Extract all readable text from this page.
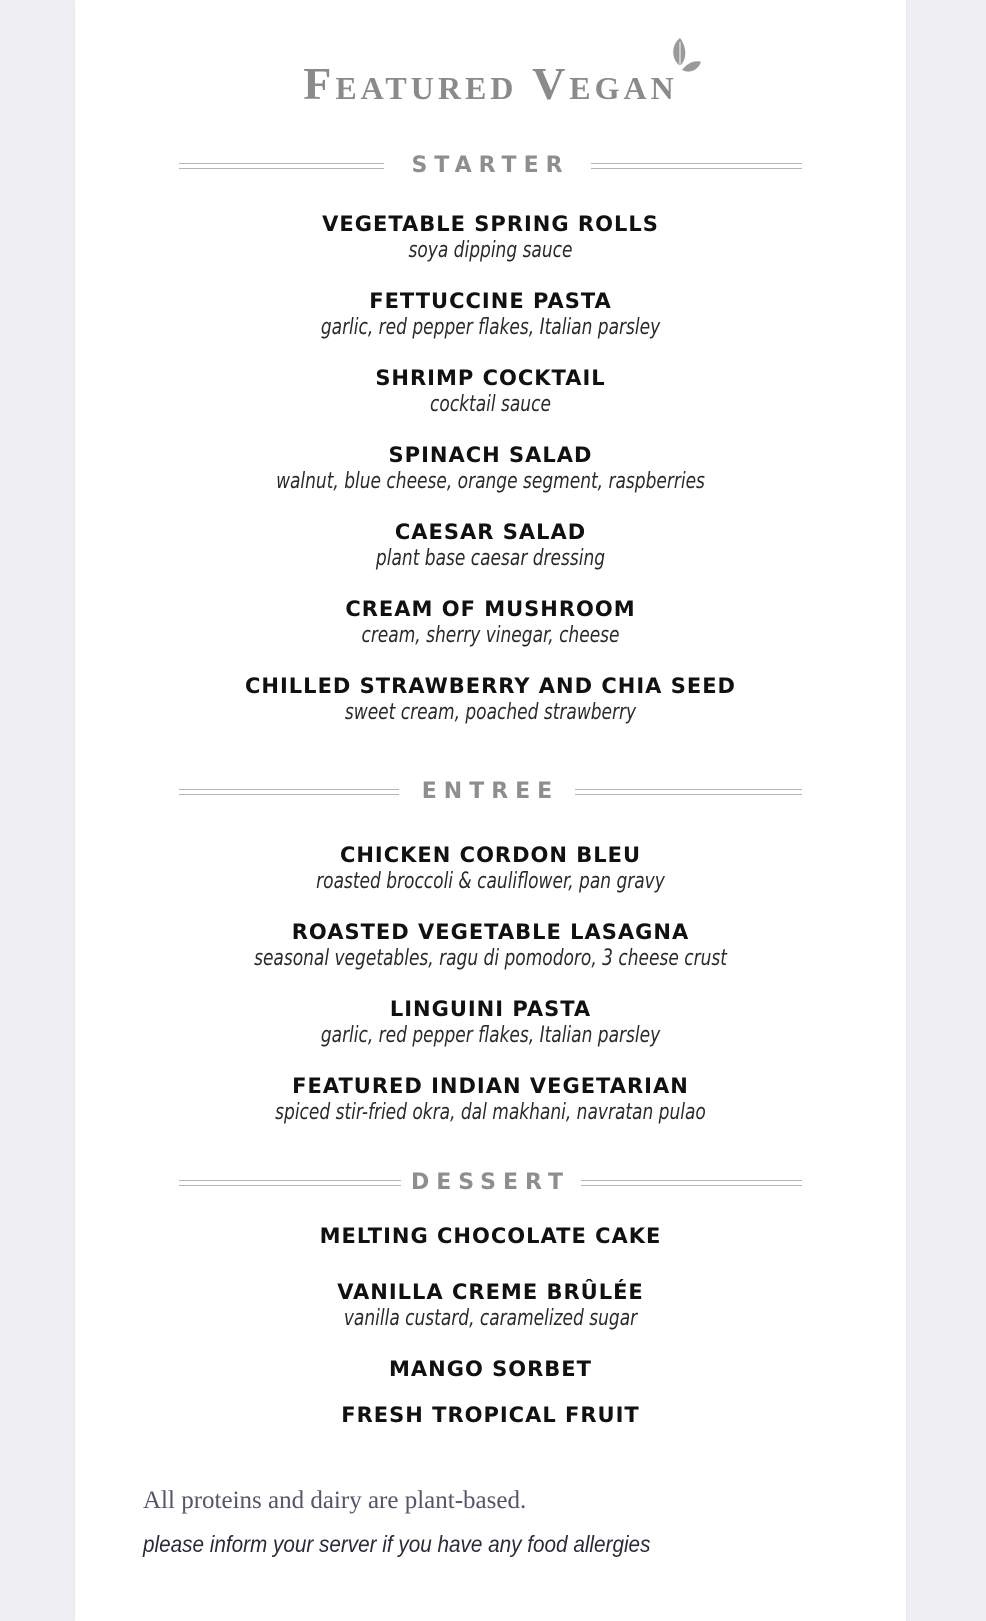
Featured Vegan
STARTER
VEGETABLE SPRING ROLLS
soya dipping sauce
FETTUCCINE PASTA
garlic, red pepper flakes, Italian parsley
SHRIMP COCKTAIL
cocktail sauce
SPINACH SALAD
walnut, blue cheese, orange segment, raspberries
CAESAR SALAD
plant base caesar dressing
CREAM OF MUSHROOM
cream, sherry vinegar, cheese
CHILLED STRAWBERRY AND CHIA SEED
sweet cream, poached strawberry
ENTREE
CHICKEN CORDON BLEU
roasted broccoli & cauliflower, pan gravy
ROASTED VEGETABLE LASAGNA
seasonal vegetables, ragu di pomodoro, 3 cheese crust
LINGUINI PASTA
garlic, red pepper flakes, Italian parsley
FEATURED INDIAN VEGETARIAN
spiced stir-fried okra, dal makhani, navratan pulao
DESSERT
MELTING CHOCOLATE CAKE
VANILLA CREME BRÛLÉE
vanilla custard, caramelized sugar
MANGO SORBET
FRESH TROPICAL FRUIT
All proteins and dairy are plant-based.
please inform your server if you have any food allergies
